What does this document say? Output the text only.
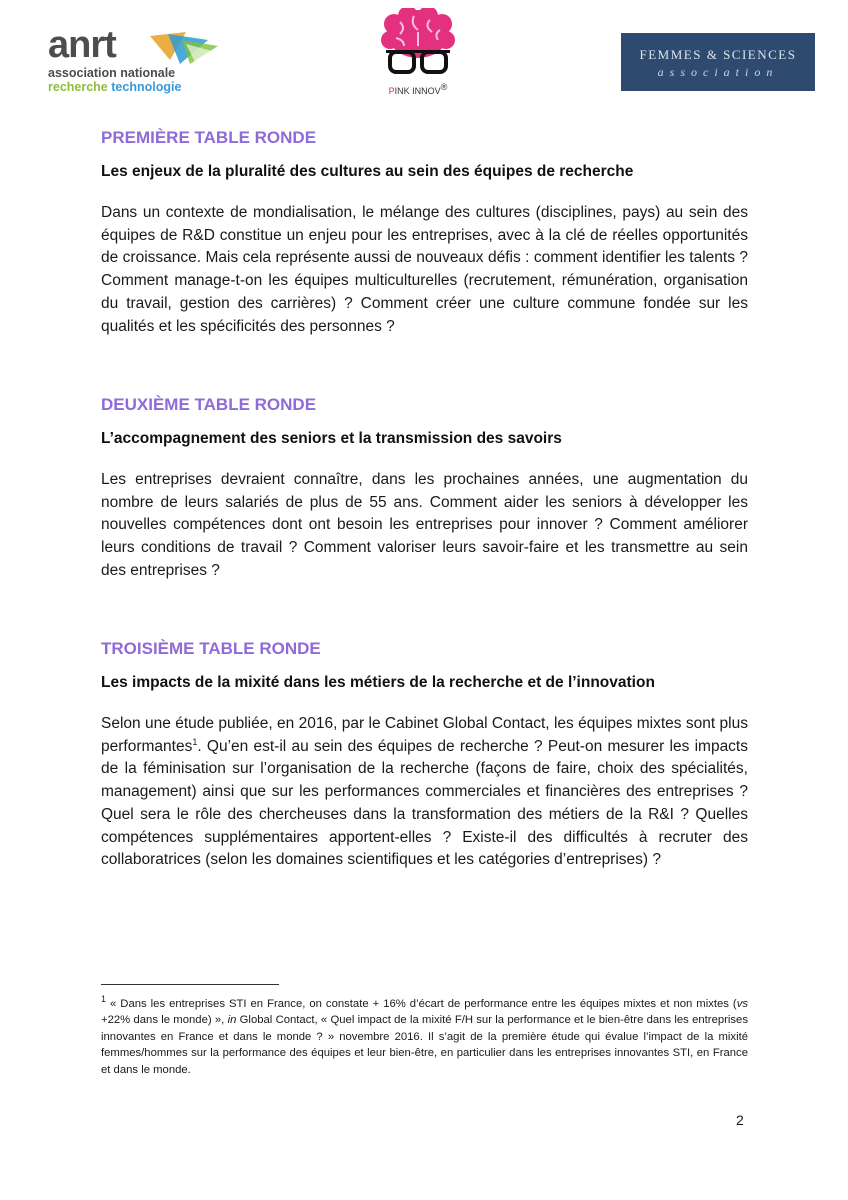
anrt
association nationale
recherche technologie	PINK INNOV®
FEMMES & SCIENCES
association
PREMIÈRE TABLE RONDE
Les enjeux de la pluralité des cultures au sein des équipes de recherche

Dans un contexte de mondialisation, le mélange des cultures (disciplines, pays) au sein des équipes de R&D constitue un enjeu pour les entreprises, avec à la clé de réelles opportunités de croissance. Mais cela représente aussi de nouveaux défis : comment identifier les talents ? Comment manage-t-on les équipes multiculturelles (recrutement, rémunération, organisation du travail, gestion des carrières) ? Comment créer une culture commune fondée sur les qualités et les spécificités des personnes ?

DEUXIÈME TABLE RONDE
L’accompagnement des seniors et la transmission des savoirs

Les entreprises devraient connaître, dans les prochaines années, une augmentation du nombre de leurs salariés de plus de 55 ans. Comment aider les seniors à développer les nouvelles compétences dont ont besoin les entreprises pour innover ? Comment améliorer leurs conditions de travail ? Comment valoriser leurs savoir-faire et les transmettre au sein des entreprises ?

TROISIÈME TABLE RONDE
Les impacts de la mixité dans les métiers de la recherche et de l’innovation

Selon une étude publiée, en 2016, par le Cabinet Global Contact, les équipes mixtes sont plus performantes$^1$. Qu’en est-il au sein des équipes de recherche ? Peut-on mesurer les impacts de la féminisation sur l’organisation de la recherche (façons de faire, choix des spécialités, management) ainsi que sur les performances commerciales et financières des entreprises ? Quel sera le rôle des chercheuses dans la transformation des métiers de la R&I ? Quelles compétences supplémentaires apportent-elles ? Existe-il des difficultés à recruter des collaboratrices (selon les domaines scientifiques et les catégories d’entreprises) ?

$^1$ « Dans les entreprises STI en France, on constate + 16% d’écart de performance entre les équipes mixtes et non mixtes (vs +22% dans le monde) », in Global Contact, « Quel impact de la mixité F/H sur la performance et le bien-être dans les entreprises innovantes en France et dans le monde ? » novembre 2016. Il s’agit de la première étude qui évalue l’impact de la mixité femmes/hommes sur la performance des équipes et leur bien-être, en particulier dans les entreprises innovantes STI, en France et dans le monde.
2
